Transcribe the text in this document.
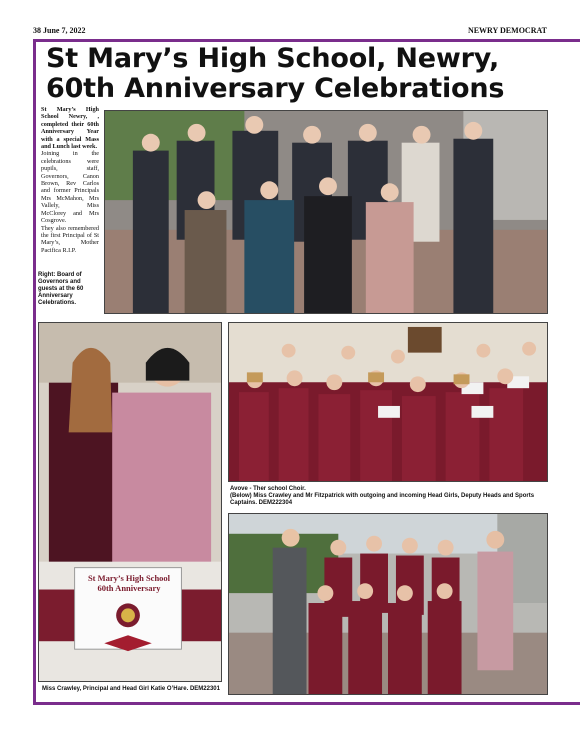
38 June 7, 2022	NEWRY DEMOCRAT
St Mary’s High School, Newry,
60th Anniversary Celebrations

St Mary’s High School Newry, , completed their 60th Anniversary Year with a special Mass and Lunch last week.

Joining in the celebrations were pupils, staff, Governors, Canon Brown, Rev Carlos and former Principals Mrs McMahon, Mrs Vallely, Miss McClorey and Mrs Cosgrove.

They also remembered the first Principal of St Mary’s, Mother Pacifica R.I.P.

Right: Board of Governors and guests at the 60 Anniversary Celebrations.
St Mary’s High School
60th Anniversary
Miss Crawley, Principal and Head Girl Katie O’Hare. DEM22301
Avove - Ther school Choir.
(Below) Miss Crawley and Mr Fitzpatrick with outgoing and incoming Head Girls, Deputy Heads and Sports Captains. DEM222304
